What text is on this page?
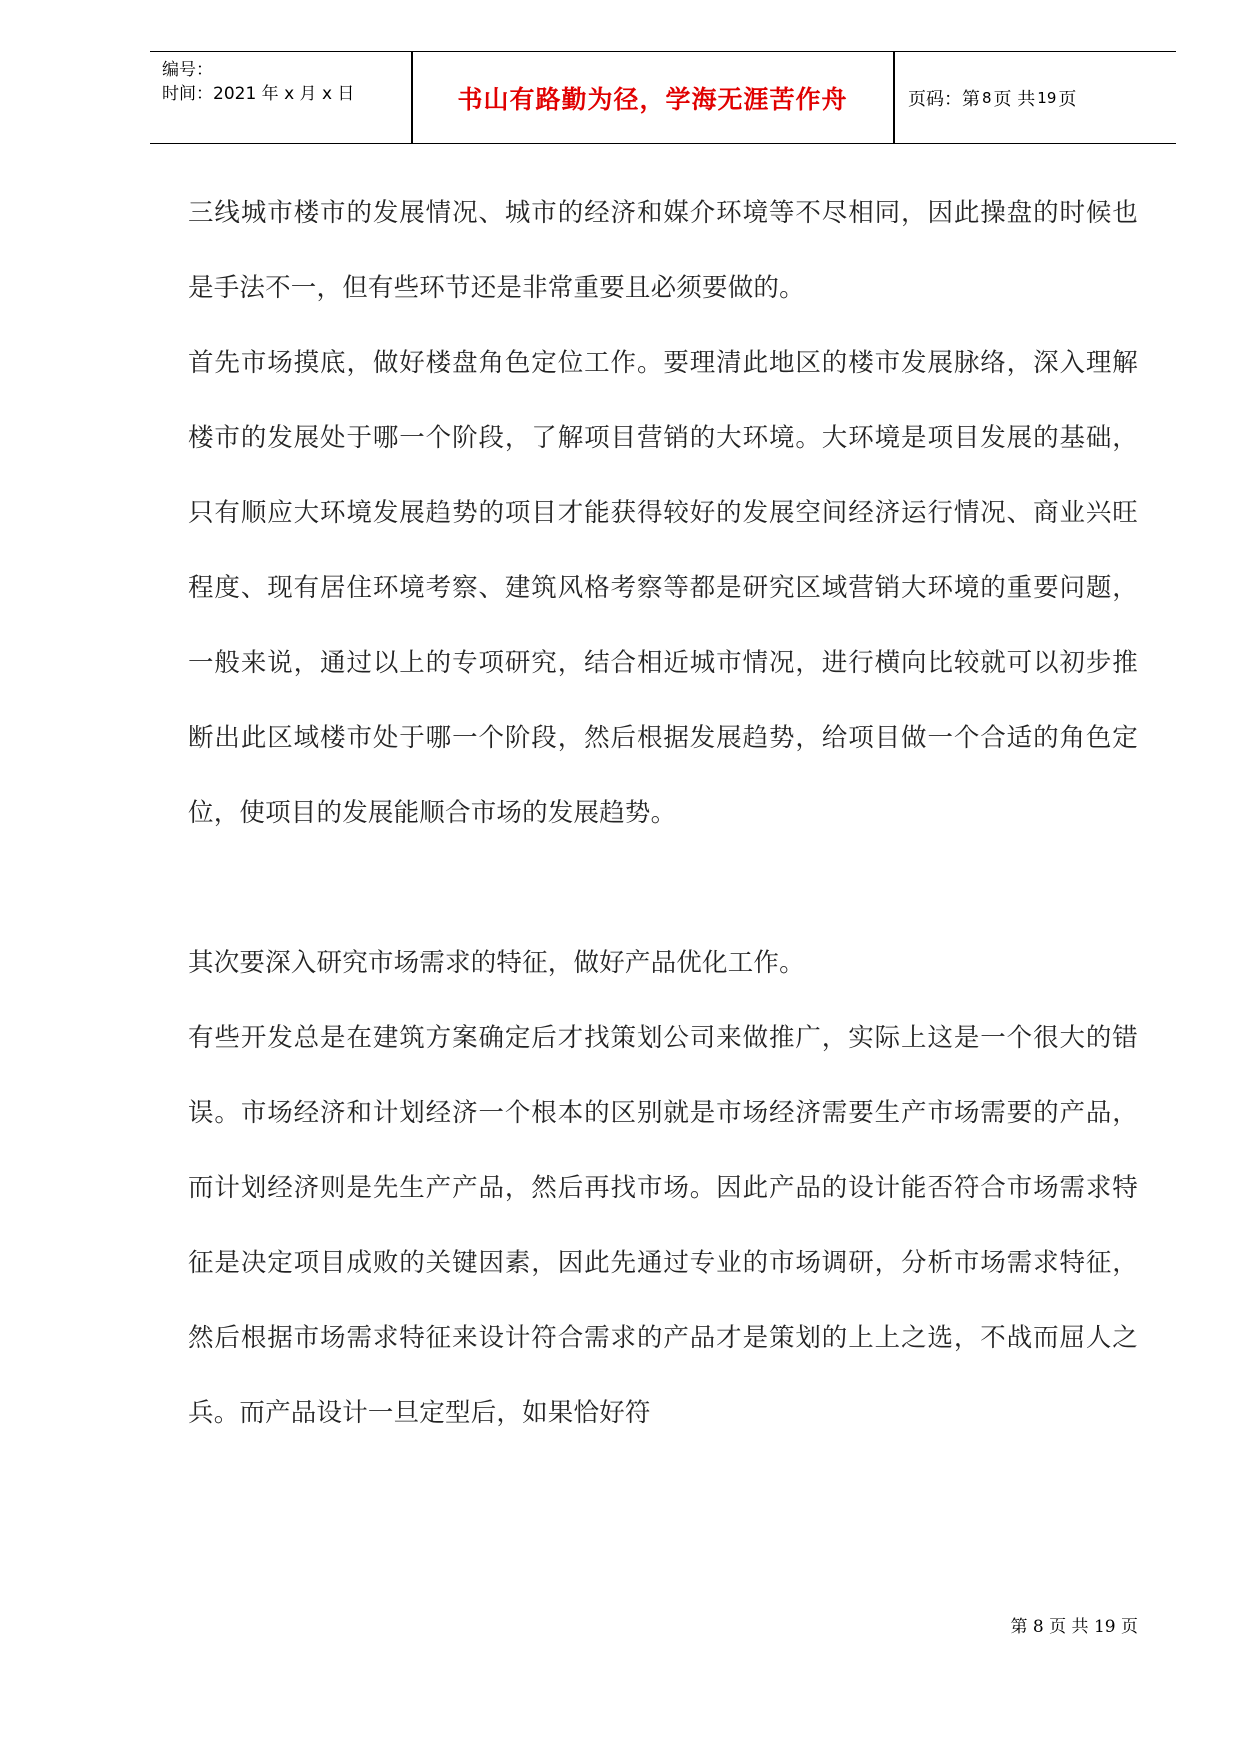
编号：
时间：2021 年 x 月 x 日	书山有路勤为径，学海无涯苦作舟	页码：第 8 页 共 19 页

三线城市楼市的发展情况、城市的经济和媒介环境等不尽相同，因此操盘的时候也是手法不一，但有些环节还是非常重要且必须要做的。

首先市场摸底，做好楼盘角色定位工作。要理清此地区的楼市发展脉络，深入理解楼市的发展处于哪一个阶段，了解项目营销的大环境。大环境是项目发展的基础，只有顺应大环境发展趋势的项目才能获得较好的发展空间经济运行情况、商业兴旺程度、现有居住环境考察、建筑风格考察等都是研究区域营销大环境的重要问题，一般来说，通过以上的专项研究，结合相近城市情况，进行横向比较就可以初步推断出此区域楼市处于哪一个阶段，然后根据发展趋势，给项目做一个合适的角色定位，使项目的发展能顺合市场的发展趋势。

其次要深入研究市场需求的特征，做好产品优化工作。

有些开发总是在建筑方案确定后才找策划公司来做推广，实际上这是一个很大的错误。市场经济和计划经济一个根本的区别就是市场经济需要生产市场需要的产品，而计划经济则是先生产产品，然后再找市场。因此产品的设计能否符合市场需求特征是决定项目成败的关键因素，因此先通过专业的市场调研，分析市场需求特征，然后根据市场需求特征来设计符合需求的产品才是策划的上上之选，不战而屈人之兵。而产品设计一旦定型后，如果恰好符

第 8 页 共 19 页
